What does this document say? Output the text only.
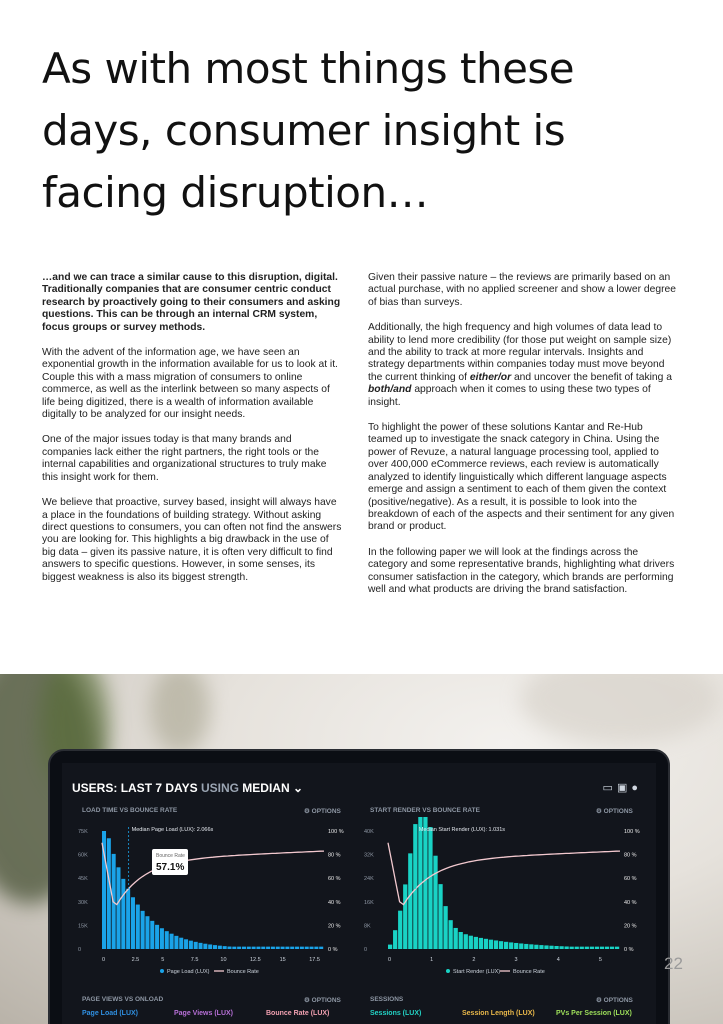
As with most things these days, consumer insight is facing disruption…

…and we can trace a similar cause to this disruption, digital. Traditionally companies that are consumer centric conduct research by proactively going to their consumers and asking questions. This can be through an internal CRM system, focus groups or survey methods.

With the advent of the information age, we have seen an exponential growth in the information available for us to look at it. Couple this with a mass migration of consumers to online commerce, as well as the interlink between so many aspects of life being digitized, there is a wealth of information available digitally to be analyzed for our insight needs.

One of the major issues today is that many brands and companies lack either the right partners, the right tools or the internal capabilities and organizational structures to truly make this insight work for them.

We believe that proactive, survey based, insight will always have a place in the foundations of building strategy. Without asking direct questions to consumers, you can often not find the answers you are looking for. This highlights a big drawback in the use of big data – given its passive nature, it is often very difficult to find answers to specific questions. However, in some senses, its biggest weakness is also its biggest strength.

Given their passive nature – the reviews are primarily based on an actual purchase, with no applied screener and show a lower degree of bias than surveys.

Additionally, the high frequency and high volumes of data lead to ability to lend more credibility (for those put weight on sample size) and the ability to track at more regular intervals. Insights and strategy departments within companies today must move beyond the current thinking of either/or and uncover the benefit of taking a both/and approach when it comes to using these two types of insight.

To highlight the power of these solutions Kantar and Re-Hub teamed up to investigate the snack category in China. Using the power of Revuze, a natural language processing tool, applied to over 400,000 eCommerce reviews, each review is automatically analyzed to identify linguistically which different language aspects emerge and assign a sentiment to each of them given the context (positive/negative). As a result, it is possible to look into the breakdown of each of the aspects and their sentiment for any given brand or product.

In the following paper we will look at the findings across the category and some representative brands, highlighting what drivers consumer satisfaction in the category, which brands are performing well and what products are driving the brand satisfaction.

USERS: LAST 7 DAYS USING MEDIAN ⌄	▭▣●
LOAD TIME VS BOUNCE RATE	⚙ OPTIONS	START RENDER VS BOUNCE RATE	⚙ OPTIONS
75K	100 %
60K	80 %
45K	60 %
30K	40 %
15K	20 %
0	0 %
0	2.5	5	7.5	10	12.5	15	17.5
Median Page Load (LUX): 2.066s
Bounce Rate
57.1%
Page Load (LUX)	Bounce Rate
40K	100 %
32K	80 %
24K	60 %
16K	40 %
8K	20 %
0	0 %
0	1	2	3	4	5
Median Start Render (LUX): 1.031s
Start Render (LUX) Bounce Rate
PAGE VIEWS VS ONLOAD	⚙ OPTIONS	SESSIONS	⚙ OPTIONS
Page Load (LUX)	Page Views (LUX)	Bounce Rate (LUX)	Sessions (LUX)	Session Length (LUX)	PVs Per Session (LUX)
22
